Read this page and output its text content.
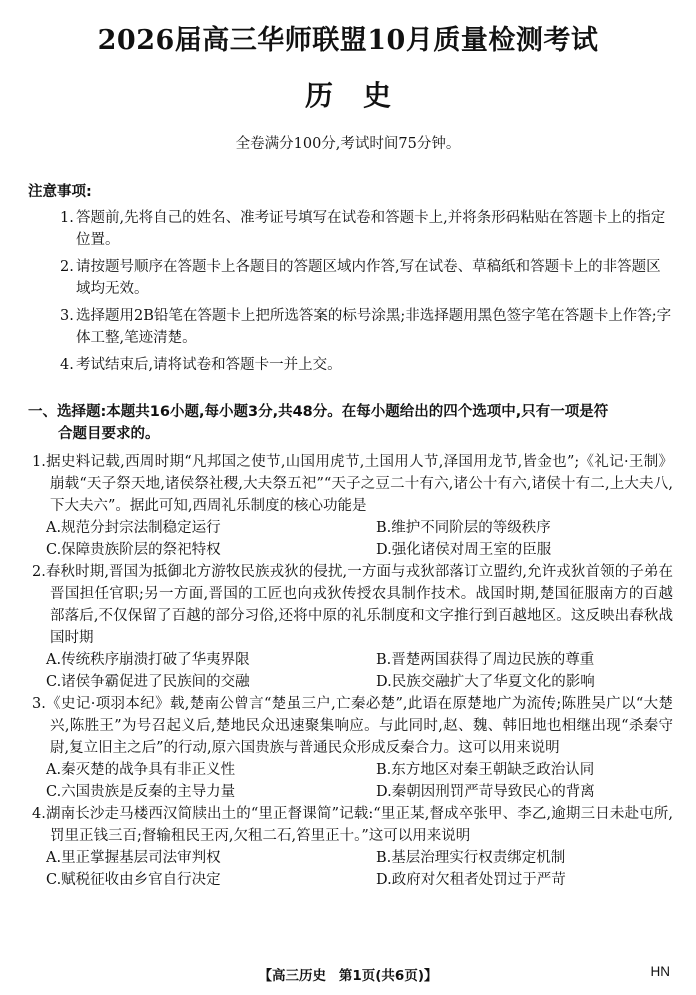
2026届高三华师联盟10月质量检测考试
历史
全卷满分100分,考试时间75分钟。
注意事项:
1. 答题前,先将自己的姓名、准考证号填写在试卷和答题卡上,并将条形码粘贴在答题卡上的指定位置。
2. 请按题号顺序在答题卡上各题目的答题区域内作答,写在试卷、草稿纸和答题卡上的非答题区域均无效。
3. 选择题用2B铅笔在答题卡上把所选答案的标号涂黑;非选择题用黑色签字笔在答题卡上作答;字体工整,笔迹清楚。
4. 考试结束后,请将试卷和答题卡一并上交。
一、选择题:本题共16小题,每小题3分,共48分。在每小题给出的四个选项中,只有一项是符
合题目要求的。
1.据史料记载,西周时期“凡邦国之使节,山国用虎节,土国用人节,泽国用龙节,皆金也”;《礼记·王制》崩载“天子祭天地,诸侯祭社稷,大夫祭五祀”“天子之豆二十有六,诸公十有六,诸侯十有二,上大夫八,下大夫六”。据此可知,西周礼乐制度的核心功能是
A.规范分封宗法制稳定运行	B.维护不同阶层的等级秩序
C.保障贵族阶层的祭祀特权	D.强化诸侯对周王室的臣服
2.春秋时期,晋国为抵御北方游牧民族戎狄的侵扰,一方面与戎狄部落订立盟约,允许戎狄首领的子弟在晋国担任官职;另一方面,晋国的工匠也向戎狄传授农具制作技术。战国时期,楚国征服南方的百越部落后,不仅保留了百越的部分习俗,还将中原的礼乐制度和文字推行到百越地区。这反映出春秋战国时期
A.传统秩序崩溃打破了华夷界限	B.晋楚两国获得了周边民族的尊重
C.诸侯争霸促进了民族间的交融	D.民族交融扩大了华夏文化的影响
3.《史记·项羽本纪》载,楚南公曾言“楚虽三户,亡秦必楚”,此语在原楚地广为流传;陈胜吴广以“大楚兴,陈胜王”为号召起义后,楚地民众迅速聚集响应。与此同时,赵、魏、韩旧地也相继出现“杀秦守尉,复立旧主之后”的行动,原六国贵族与普通民众形成反秦合力。这可以用来说明
A.秦灭楚的战争具有非正义性	B.东方地区对秦王朝缺乏政治认同
C.六国贵族是反秦的主导力量	D.秦朝因刑罚严苛导致民心的背离
4.湖南长沙走马楼西汉简牍出土的“里正督课简”记载:“里正某,督成卒张甲、李乙,逾期三日未赴屯所,罚里正钱三百;督输租民王丙,欠租二石,笞里正十。”这可以用来说明
A.里正掌握基层司法审判权	B.基层治理实行权责绑定机制
C.赋税征收由乡官自行决定	D.政府对欠租者处罚过于严苛
【高三历史 第1页(共6页)】	HN
